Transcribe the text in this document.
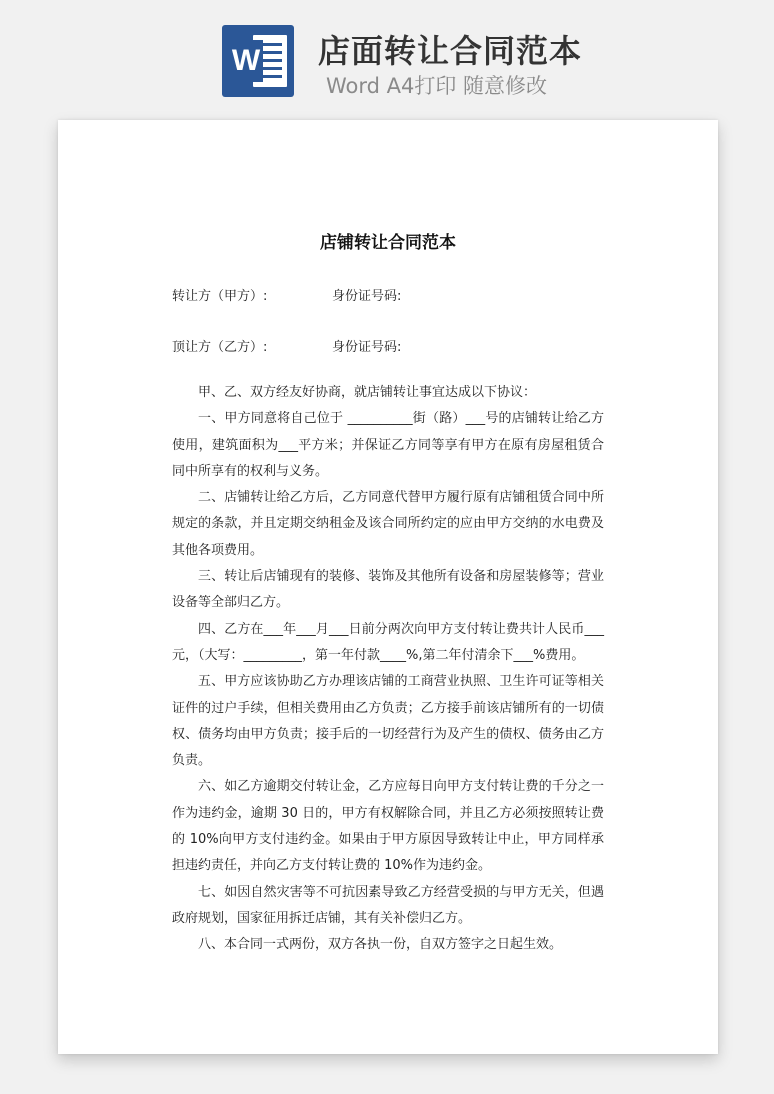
W 店面转让合同范本
Word A4打印 随意修改
店铺转让合同范本
转让方（甲方）:	身份证号码:
顶让方（乙方）:	身份证号码:

甲、乙、双方经友好协商，就店铺转让事宜达成以下协议：

一、甲方同意将自己位于 __________街（路）___号的店铺转让给乙方使用，建筑面积为___平方米；并保证乙方同等享有甲方在原有房屋租赁合同中所享有的权利与义务。

二、店铺转让给乙方后，乙方同意代替甲方履行原有店铺租赁合同中所规定的条款，并且定期交纳租金及该合同所约定的应由甲方交纳的水电费及其他各项费用。

三、转让后店铺现有的装修、装饰及其他所有设备和房屋装修等；营业设备等全部归乙方。

四、乙方在___年___月___日前分两次向甲方支付转让费共计人民币___元，（大写：_________，第一年付款____%,第二年付清余下___%费用。

五、甲方应该协助乙方办理该店铺的工商营业执照、卫生许可证等相关证件的过户手续，但相关费用由乙方负责；乙方接手前该店铺所有的一切债权、债务均由甲方负责；接手后的一切经营行为及产生的债权、债务由乙方负责。

六、如乙方逾期交付转让金，乙方应每日向甲方支付转让费的千分之一作为违约金，逾期 30 日的，甲方有权解除合同，并且乙方必须按照转让费的 10%向甲方支付违约金。如果由于甲方原因导致转让中止，甲方同样承担违约责任，并向乙方支付转让费的 10%作为违约金。

七、如因自然灾害等不可抗因素导致乙方经营受损的与甲方无关，但遇政府规划，国家征用拆迁店铺，其有关补偿归乙方。

八、本合同一式两份，双方各执一份，自双方签字之日起生效。
